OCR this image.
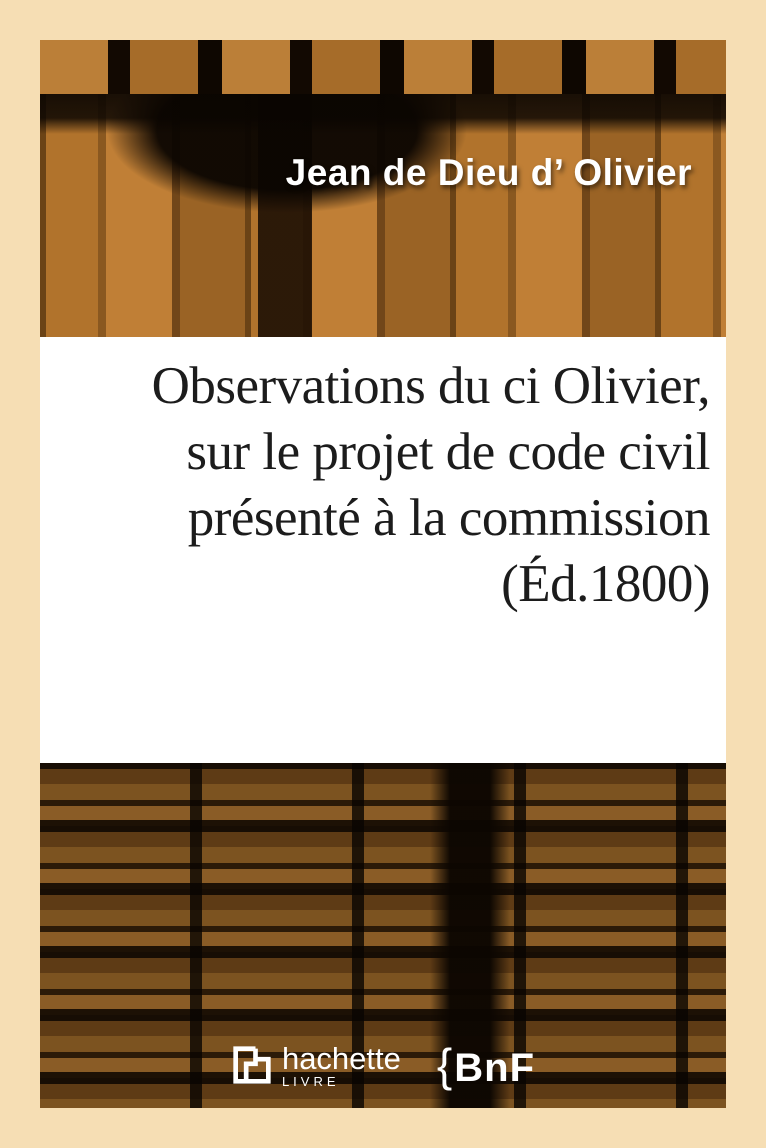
Jean de Dieu d’ Olivier
Observations du ci Olivier,
sur le projet de code civil
présenté à la commission
(Éd.1800)
hachette
LIVRE	{ BnF
